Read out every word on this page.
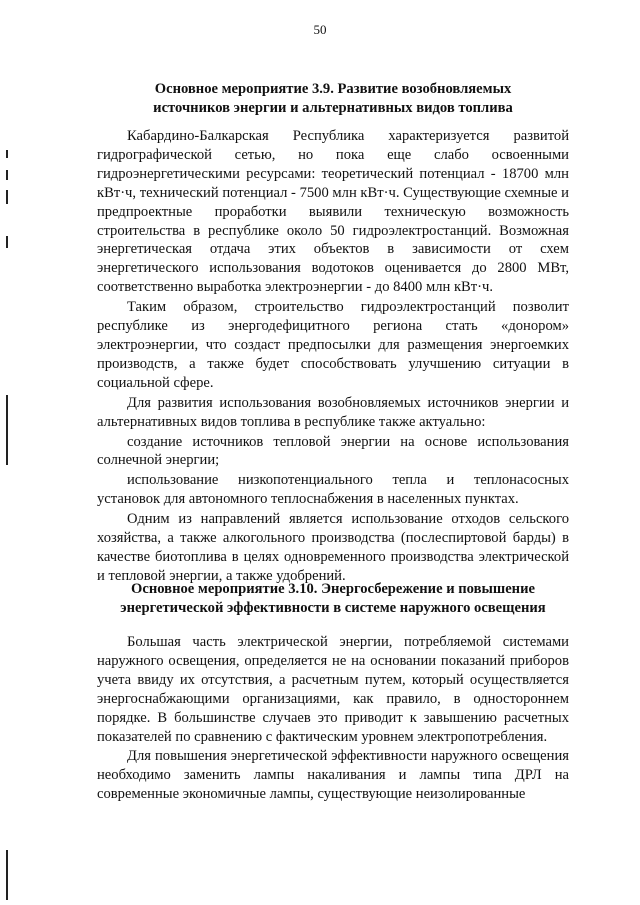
50
Основное мероприятие 3.9. Развитие возобновляемых
источников энергии и альтернативных видов топлива

Кабардино-Балкарская Республика характеризуется развитой гидрографической сетью, но пока еще слабо освоенными гидроэнергетическими ресурсами: теоретический потенциал - 18700 млн кВт·ч, технический потенциал - 7500 млн кВт·ч. Существующие схемные и предпроектные проработки выявили техническую возможность строительства в республике около 50 гидроэлектростанций. Возможная энергетическая отдача этих объектов в зависимости от схем энергетического использования водотоков оценивается до 2800 МВт, соответственно выработка электроэнергии - до 8400 млн кВт·ч.

Таким образом, строительство гидроэлектростанций позволит республике из энергодефицитного региона стать «донором» электроэнергии, что создаст предпосылки для размещения энергоемких производств, а также будет способствовать улучшению ситуации в социальной сфере.

Для развития использования возобновляемых источников энергии и альтернативных видов топлива в республике также актуально:

создание источников тепловой энергии на основе использования солнечной энергии;

использование низкопотенциального тепла и теплонасосных установок для автономного теплоснабжения в населенных пунктах.

Одним из направлений является использование отходов сельского хозяйства, а также алкогольного производства (послеспиртовой барды) в качестве биотоплива в целях одновременного производства электрической и тепловой энергии, а также удобрений.

Основное мероприятие 3.10. Энергосбережение и повышение
энергетической эффективности в системе наружного освещения

Большая часть электрической энергии, потребляемой системами наружного освещения, определяется не на основании показаний приборов учета ввиду их отсутствия, а расчетным путем, который осуществляется энергоснабжающими организациями, как правило, в одностороннем порядке. В большинстве случаев это приводит к завышению расчетных показателей по сравнению с фактическим уровнем электропотребления.

Для повышения энергетической эффективности наружного освещения необходимо заменить лампы накаливания и лампы типа ДРЛ на современные экономичные лампы, существующие неизолированные
